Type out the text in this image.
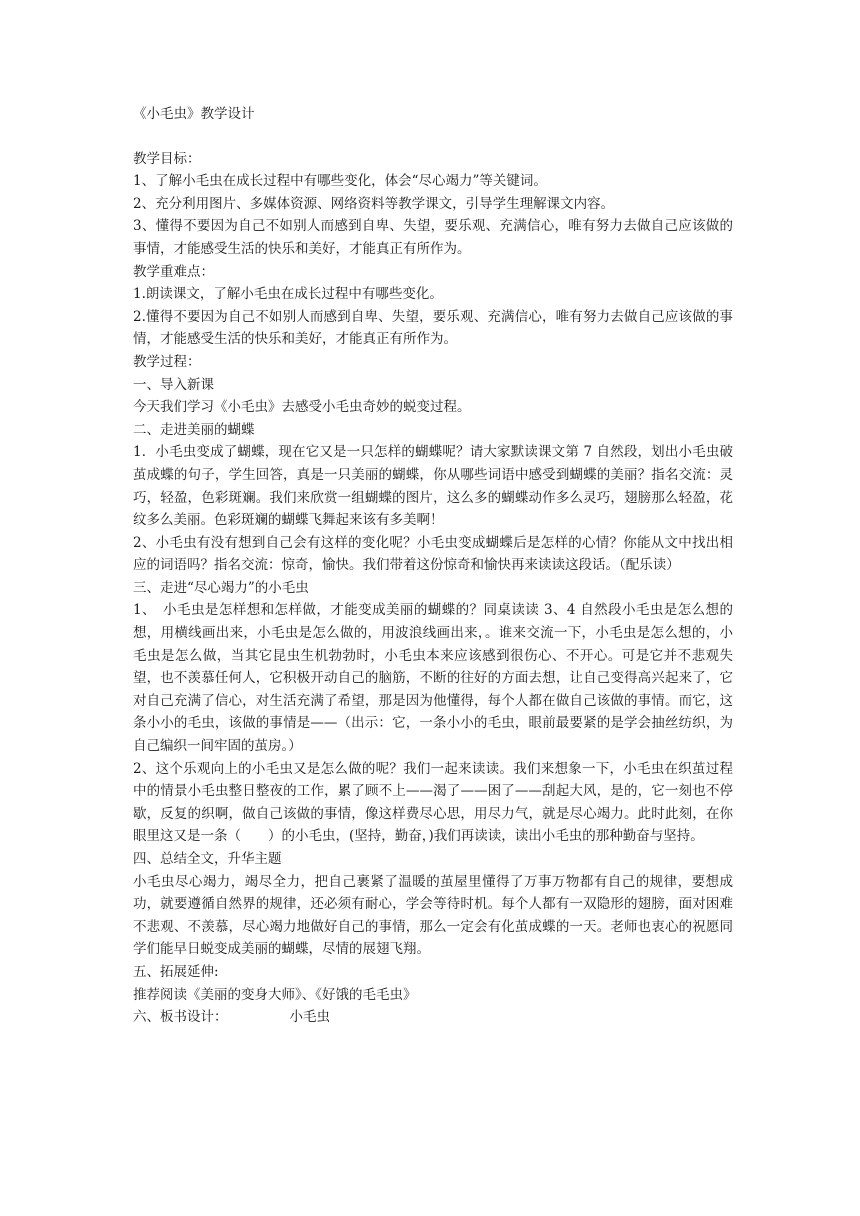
《小毛虫》教学设计
教学目标：
1、了解小毛虫在成长过程中有哪些变化，体会“尽心竭力”等关键词。
2、充分利用图片、多媒体资源、网络资料等教学课文，引导学生理解课文内容。
3、懂得不要因为自己不如别人而感到自卑、失望，要乐观、充满信心，唯有努力去做自己应该做的事情，才能感受生活的快乐和美好，才能真正有所作为。
教学重难点：
1.朗读课文，了解小毛虫在成长过程中有哪些变化。
2.懂得不要因为自己不如别人而感到自卑、失望，要乐观、充满信心，唯有努力去做自己应该做的事情，才能感受生活的快乐和美好，才能真正有所作为。
教学过程：
一、导入新课
今天我们学习《小毛虫》去感受小毛虫奇妙的蜕变过程。
二、走进美丽的蝴蝶
1．小毛虫变成了蝴蝶，现在它又是一只怎样的蝴蝶呢？请大家默读课文第 7 自然段，划出小毛虫破茧成蝶的句子，学生回答，真是一只美丽的蝴蝶，你从哪些词语中感受到蝴蝶的美丽？指名交流：灵巧，轻盈，色彩斑斓。我们来欣赏一组蝴蝶的图片，这么多的蝴蝶动作多么灵巧，翅膀那么轻盈，花纹多么美丽。色彩斑斓的蝴蝶飞舞起来该有多美啊！
2、小毛虫有没有想到自己会有这样的变化呢？小毛虫变成蝴蝶后是怎样的心情？你能从文中找出相应的词语吗？指名交流：惊奇，愉快。我们带着这份惊奇和愉快再来读读这段话。（配乐读）
三、走进“尽心竭力”的小毛虫
1、　小毛虫是怎样想和怎样做，才能变成美丽的蝴蝶的？同桌读读 3、4 自然段小毛虫是怎么想的想，用横线画出来，小毛虫是怎么做的，用波浪线画出来，。谁来交流一下，小毛虫是怎么想的，小毛虫是怎么做，当其它昆虫生机勃勃时，小毛虫本来应该感到很伤心、不开心。可是它并不悲观失望，也不羡慕任何人，它积极开动自己的脑筋，不断的往好的方面去想，让自己变得高兴起来了，它对自己充满了信心，对生活充满了希望，那是因为他懂得，每个人都在做自己该做的事情。而它，这条小小的毛虫，该做的事情是——（出示：它，一条小小的毛虫，眼前最要紧的是学会抽丝纺织，为自己编织一间牢固的茧房。）
2、这个乐观向上的小毛虫又是怎么做的呢？我们一起来读读。我们来想象一下，小毛虫在织茧过程中的情景小毛虫整日整夜的工作，累了顾不上——渴了——困了——刮起大风，是的，它一刻也不停歇，反复的织啊，做自己该做的事情，像这样费尽心思，用尽力气，就是尽心竭力。此时此刻，在你眼里这又是一条（　　）的小毛虫，(坚持，勤奋，)我们再读读，读出小毛虫的那种勤奋与坚持。
四、总结全文，升华主题
小毛虫尽心竭力，竭尽全力，把自己裹紧了温暖的茧屋里懂得了万事万物都有自己的规律，要想成功，就要遵循自然界的规律，还必须有耐心，学会等待时机。每个人都有一双隐形的翅膀，面对困难不悲观、不羡慕，尽心竭力地做好自己的事情，那么一定会有化茧成蝶的一天。老师也衷心的祝愿同学们能早日蜕变成美丽的蝴蝶，尽情的展翅飞翔。
五、拓展延伸:
推荐阅读《美丽的变身大师》、《好饿的毛毛虫》
六、板书设计：	小毛虫
